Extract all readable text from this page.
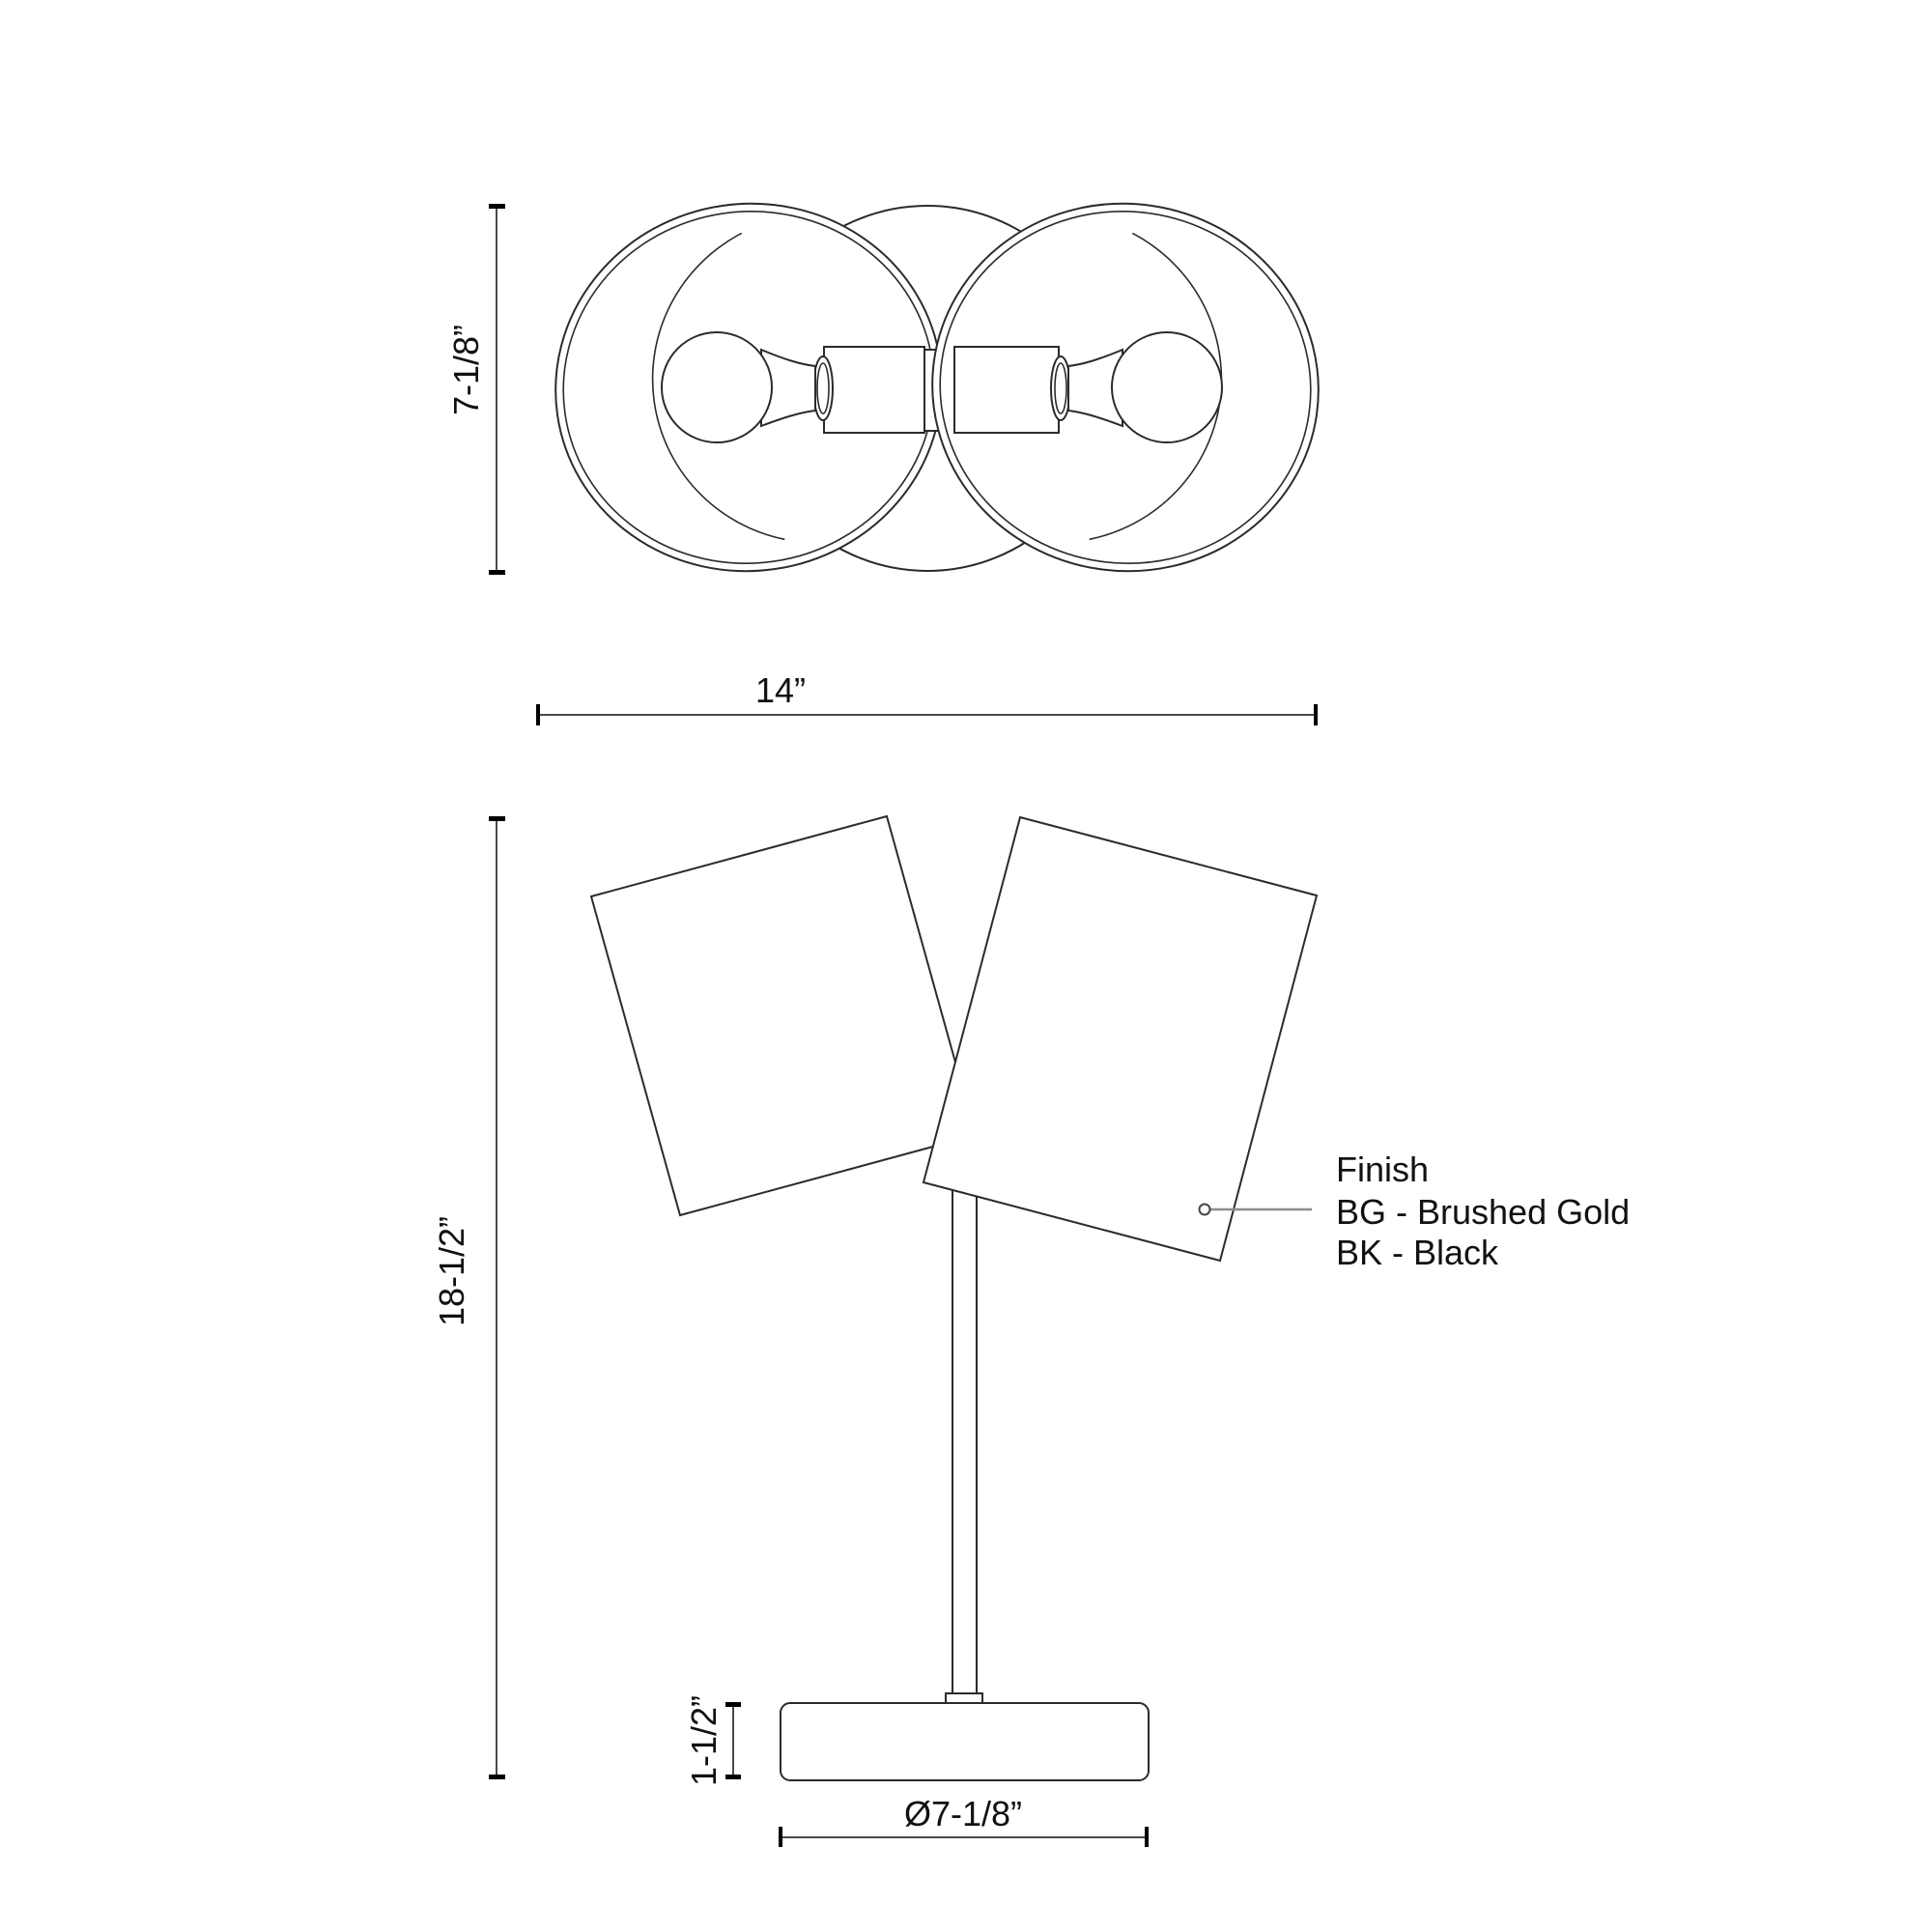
7-1/8”
14”
18-1/2”
1-1/2”
Ø7-1/8”
Finish
BG - Brushed Gold
BK - Black
